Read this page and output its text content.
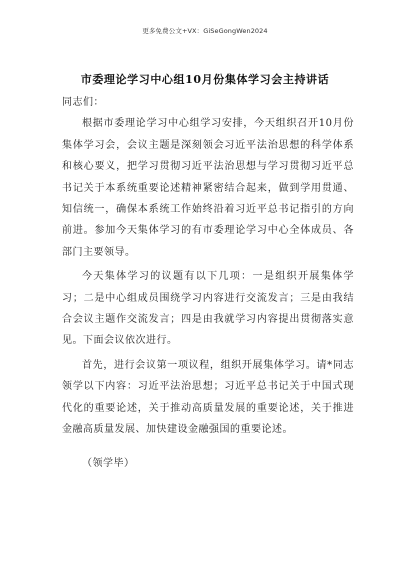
更多免费公文+VX：GiSeGongWen2024
市委理论学习中心组10月份集体学习会主持讲话

同志们：

根据市委理论学习中心组学习安排，今天组织召开10月份集体学习会，会议主题是深刻领会习近平法治思想的科学体系和核心要义，把学习贯彻习近平法治思想与学习贯彻习近平总书记关于本系统重要论述精神紧密结合起来，做到学用贯通、知信统一，确保本系统工作始终沿着习近平总书记指引的方向前进。参加今天集体学习的有市委理论学习中心全体成员、各部门主要领导。

今天集体学习的议题有以下几项：一是组织开展集体学习；二是中心组成员围绕学习内容进行交流发言；三是由我结合会议主题作交流发言；四是由我就学习内容提出贯彻落实意见。下面会议依次进行。

首先，进行会议第一项议程，组织开展集体学习。请*同志领学以下内容：习近平法治思想；习近平总书记关于中国式现代化的重要论述，关于推动高质量发展的重要论述，关于推进金融高质量发展、加快建设金融强国的重要论述。

（领学毕）
